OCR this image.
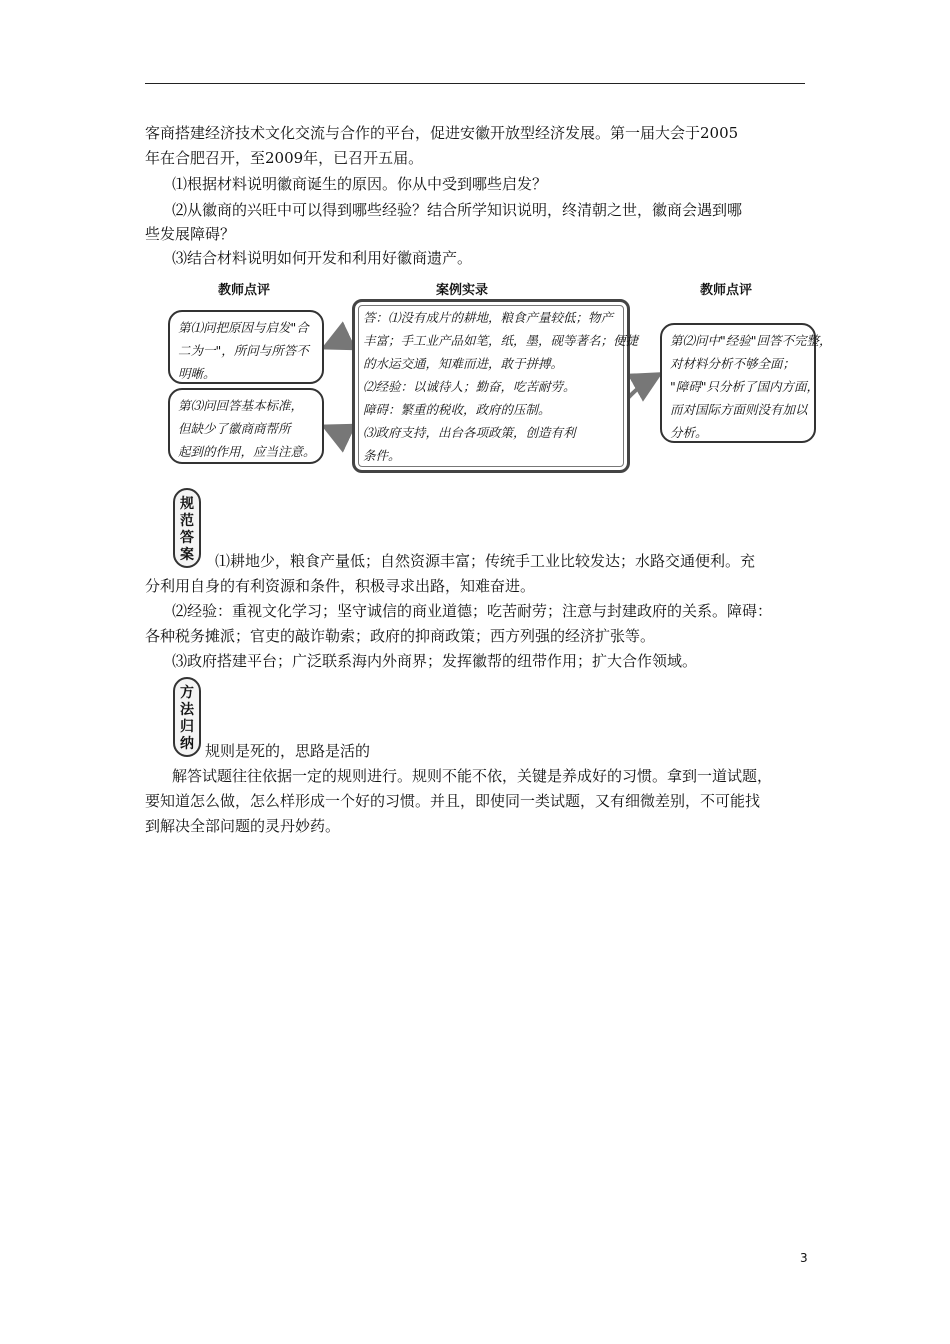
客商搭建经济技术文化交流与合作的平台，促进安徽开放型经济发展。第一届大会于2005
年在合肥召开，至2009年，已召开五届。
⑴根据材料说明徽商诞生的原因。你从中受到哪些启发？
⑵从徽商的兴旺中可以得到哪些经验？结合所学知识说明，终清朝之世，徽商会遇到哪
些发展障碍？
⑶结合材料说明如何开发和利用好徽商遗产。
教师点评	案例实录	教师点评
第⑴问把原因与启发"合
二为一"，所问与所答不
明晰。
第⑶问回答基本标准，
但缺少了徽商商帮所
起到的作用，应当注意。
答：⑴没有成片的耕地，粮食产量较低；物产
丰富；手工业产品如笔，纸，墨，砚等著名；便捷
的水运交通，知难而进，敢于拼搏。
⑵经验：以诚待人；勤奋，吃苦耐劳。
障碍：繁重的税收，政府的压制。
⑶政府支持，出台各项政策，创造有利
条件。
第⑵问中"经验"回答不完整，
对材料分析不够全面；
"障碍"只分析了国内方面，
而对国际方面则没有加以
分析。
规
范
答
案	⑴耕地少，粮食产量低；自然资源丰富；传统手工业比较发达；水路交通便利。充
分利用自身的有利资源和条件，积极寻求出路，知难奋进。
⑵经验：重视文化学习；坚守诚信的商业道德；吃苦耐劳；注意与封建政府的关系。障碍：
各种税务摊派；官吏的敲诈勒索；政府的抑商政策；西方列强的经济扩张等。
⑶政府搭建平台；广泛联系海内外商界；发挥徽帮的纽带作用；扩大合作领域。
方
法
归
纳 规则是死的，思路是活的
解答试题往往依据一定的规则进行。规则不能不依，关键是养成好的习惯。拿到一道试题，
要知道怎么做，怎么样形成一个好的习惯。并且，即使同一类试题，又有细微差别，不可能找
到解决全部问题的灵丹妙药。
3
